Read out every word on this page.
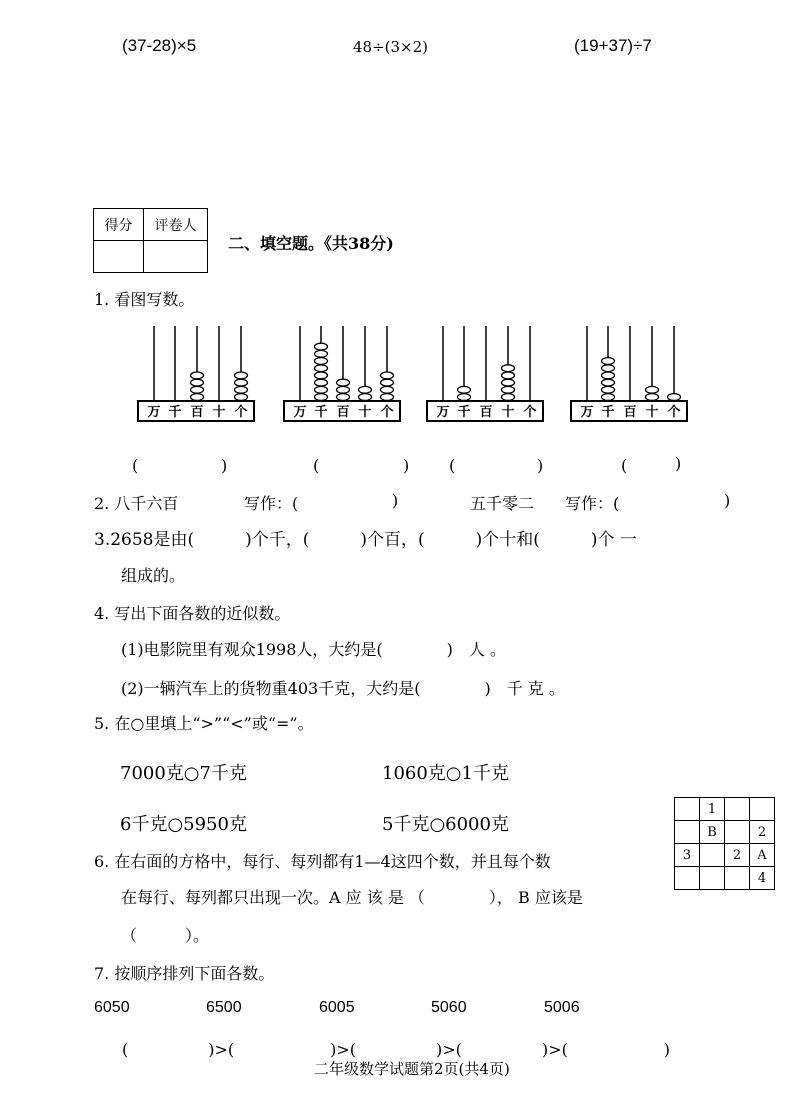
(37-28)×5	48÷(3×2)	(19+37)÷7
得分	评卷人

二、填空题。《共38分)
1. 看图写数。
万 千 百 十 个	万 千 百 十 个	万 千 百 十 个	万 千 百 十 个
(	)	(	) (	)	(	)
2. 八千六百	写作：(	)	五千零二 写作：(	)
3.2658是由(　　　)个千，(　　　)个百，(　　　)个十和(　　　)个 一
组成的。
4. 写出下面各数的近似数。
(1)电影院里有观众1998人，大约是(　　　　)　人 。
(2)一辆汽车上的货物重403千克，大约是(　　　　)　千 克 。
5. 在○里填上“>”“<”或“=”。
7000克○7千克	1060克○1千克
6千克○5950克	5千克○6000克
6. 在右面的方格中，每行、每列都有1—4这四个数，并且每个数
在每行、每列都只出现一次。A 应 该 是 （　　　　）， B 应该是
（　　　）。
	1		
	B		2
3		2	A
			4
7. 按顺序排列下面各数。
6050	6500	6005	5060	5006
(　　　　　)>(　　　　　　)>(　　　　　)>(　　　　　)>(　　　　　　)
二年级数学试题第2页(共4页)
